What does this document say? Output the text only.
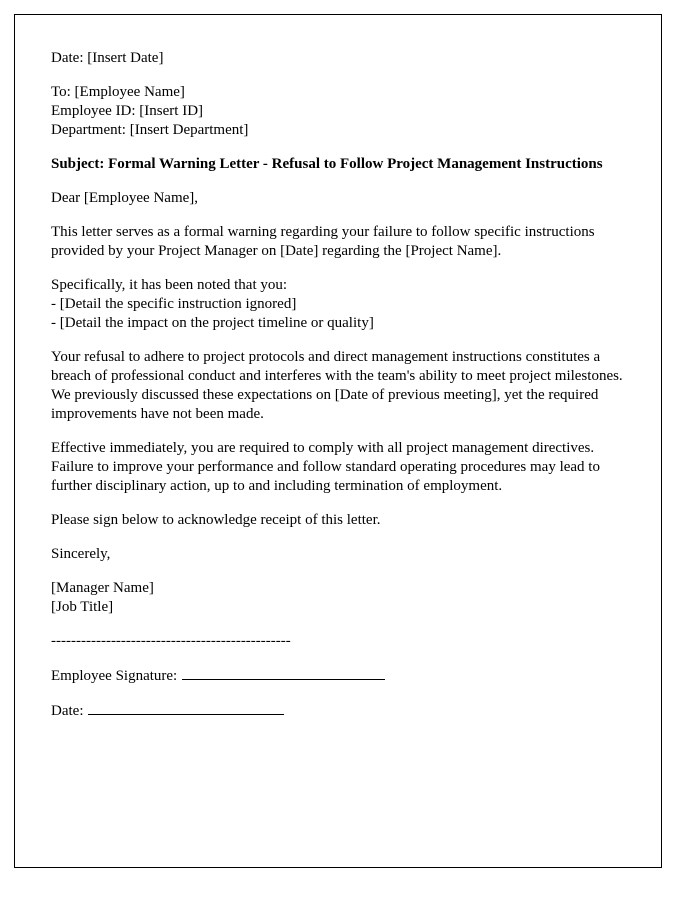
Date: [Insert Date]

To: [Employee Name]

Employee ID: [Insert ID]

Department: [Insert Department]

Subject: Formal Warning Letter - Refusal to Follow Project Management Instructions

Dear [Employee Name],

This letter serves as a formal warning regarding your failure to follow specific instructions provided by your Project Manager on [Date] regarding the [Project Name].

Specifically, it has been noted that you:

- [Detail the specific instruction ignored]

- [Detail the impact on the project timeline or quality]

Your refusal to adhere to project protocols and direct management instructions constitutes a breach of professional conduct and interferes with the team's ability to meet project milestones. We previously discussed these expectations on [Date of previous meeting], yet the required improvements have not been made.

Effective immediately, you are required to comply with all project management directives. Failure to improve your performance and follow standard operating procedures may lead to further disciplinary action, up to and including termination of employment.

Please sign below to acknowledge receipt of this letter.

Sincerely,

[Manager Name]

[Job Title]

------------------------------------------------

Employee Signature:

Date:
